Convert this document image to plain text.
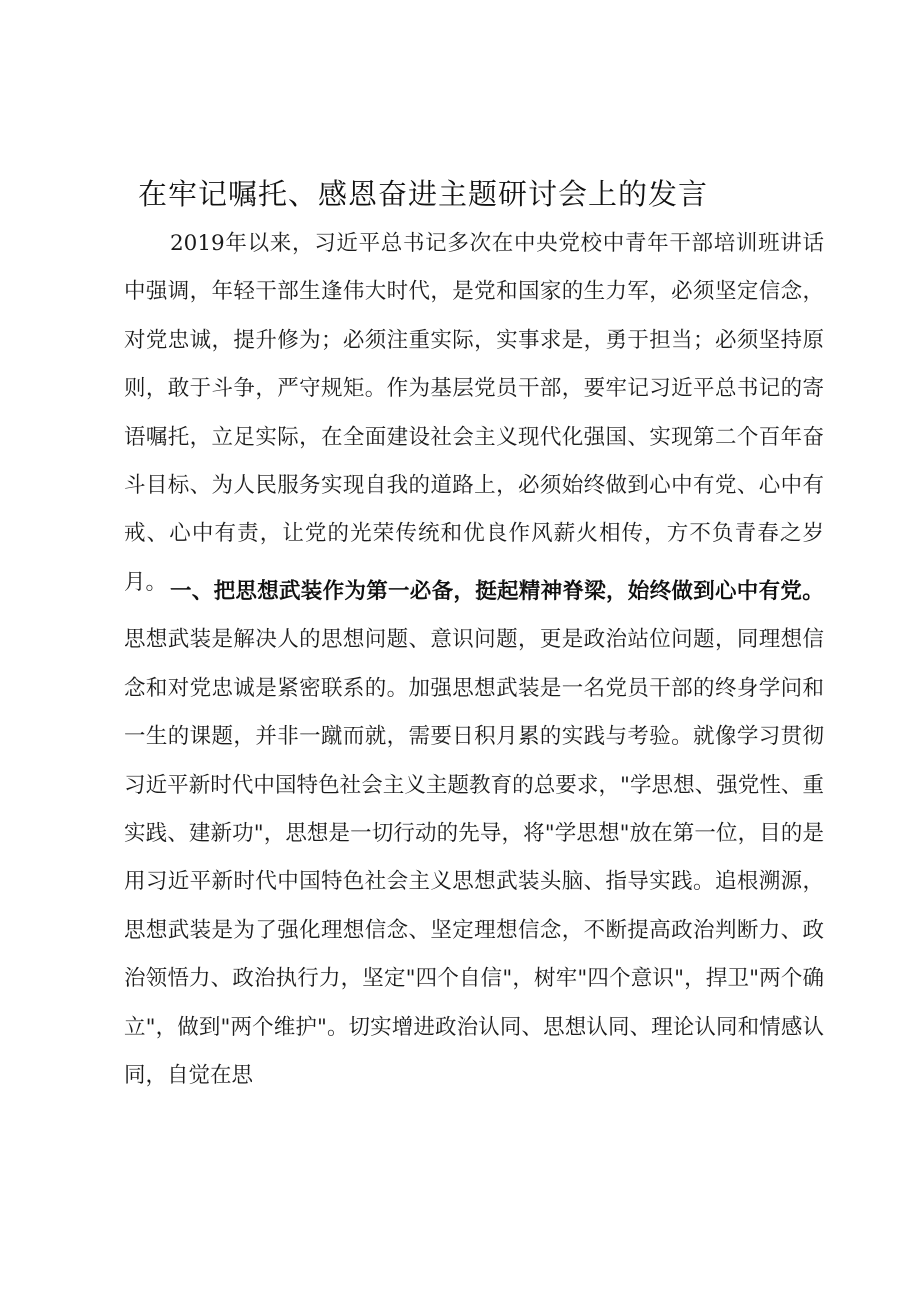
在牢记嘱托、感恩奋进主题研讨会上的发言

2019年以来，习近平总书记多次在中央党校中青年干部培训班讲话中强调，年轻干部生逢伟大时代，是党和国家的生力军，必须坚定信念，对党忠诚，提升修为；必须注重实际，实事求是，勇于担当；必须坚持原则，敢于斗争，严守规矩。作为基层党员干部，要牢记习近平总书记的寄语嘱托，立足实际，在全面建设社会主义现代化强国、实现第二个百年奋斗目标、为人民服务实现自我的道路上，必须始终做到心中有党、心中有戒、心中有责，让党的光荣传统和优良作风薪火相传，方不负青春之岁月。 一、把思想武装作为第一必备，挺起精神脊梁，始终做到心中有党。思想武装是解决人的思想问题、意识问题，更是政治站位问题，同理想信念和对党忠诚是紧密联系的。加强思想武装是一名党员干部的终身学问和一生的课题，并非一蹴而就，需要日积月累的实践与考验。就像学习贯彻习近平新时代中国特色社会主义主题教育的总要求，"学思想、强党性、重实践、建新功"，思想是一切行动的先导，将"学思想"放在第一位，目的是用习近平新时代中国特色社会主义思想武装头脑、指导实践。追根溯源，思想武装是为了强化理想信念、坚定理想信念，不断提高政治判断力、政治领悟力、政治执行力，坚定"四个自信"，树牢"四个意识"，捍卫"两个确立"，做到"两个维护"。切实增进政治认同、思想认同、理论认同和情感认同，自觉在思
